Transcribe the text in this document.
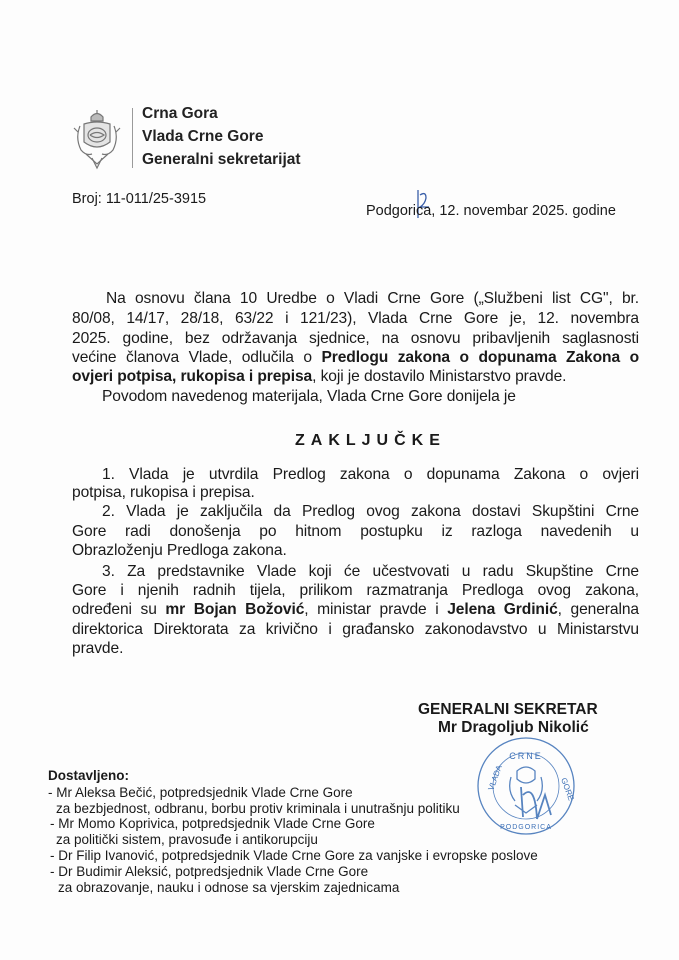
Crna Gora
Vlada Crne Gore
Generalni sekretarijat
Broj: 11-011/25-3915
Podgorica, 12. novembar 2025. godine
Na osnovu člana 10 Uredbe o Vladi Crne Gore („Službeni list CG", br.
80/08, 14/17, 28/18, 63/22 i 121/23), Vlada Crne Gore je, 12. novembra
2025. godine, bez održavanja sjednice, na osnovu pribavljenih saglasnosti
većine članova Vlade, odlučila o Predlogu zakona o dopunama Zakona o
ovjeri potpisa, rukopisa i prepisa, koji je dostavilo Ministarstvo pravde.
Povodom navedenog materijala, Vlada Crne Gore donijela je
ZAKLJUČKE
1. Vlada je utvrdila Predlog zakona o dopunama Zakona o ovjeri
potpisa, rukopisa i prepisa.
2. Vlada je zaključila da Predlog ovog zakona dostavi Skupštini Crne
Gore radi donošenja po hitnom postupku iz razloga navedenih u
Obrazloženju Predloga zakona.
3. Za predstavnike Vlade koji će učestvovati u radu Skupštine Crne
Gore i njenih radnih tijela, prilikom razmatranja Predloga ovog zakona,
određeni su mr Bojan Božović, ministar pravde i Jelena Grdinić, generalna
direktorica Direktorata za krivično i građansko zakonodavstvo u Ministarstvu
pravde.
GENERALNI SEKRETAR
Mr Dragoljub Nikolić
CRNE
VLADA	GORE
PODGORICA
Dostavljeno:
- Mr Aleksa Bečić, potpredsjednik Vlade Crne Gore
za bezbjednost, odbranu, borbu protiv kriminala i unutrašnju politiku
- Mr Momo Koprivica, potpredsjednik Vlade Crne Gore
za politički sistem, pravosuđe i antikorupciju
- Dr Filip Ivanović, potpredsjednik Vlade Crne Gore za vanjske i evropske poslove
- Dr Budimir Aleksić, potpredsjednik Vlade Crne Gore
za obrazovanje, nauku i odnose sa vjerskim zajednicama
